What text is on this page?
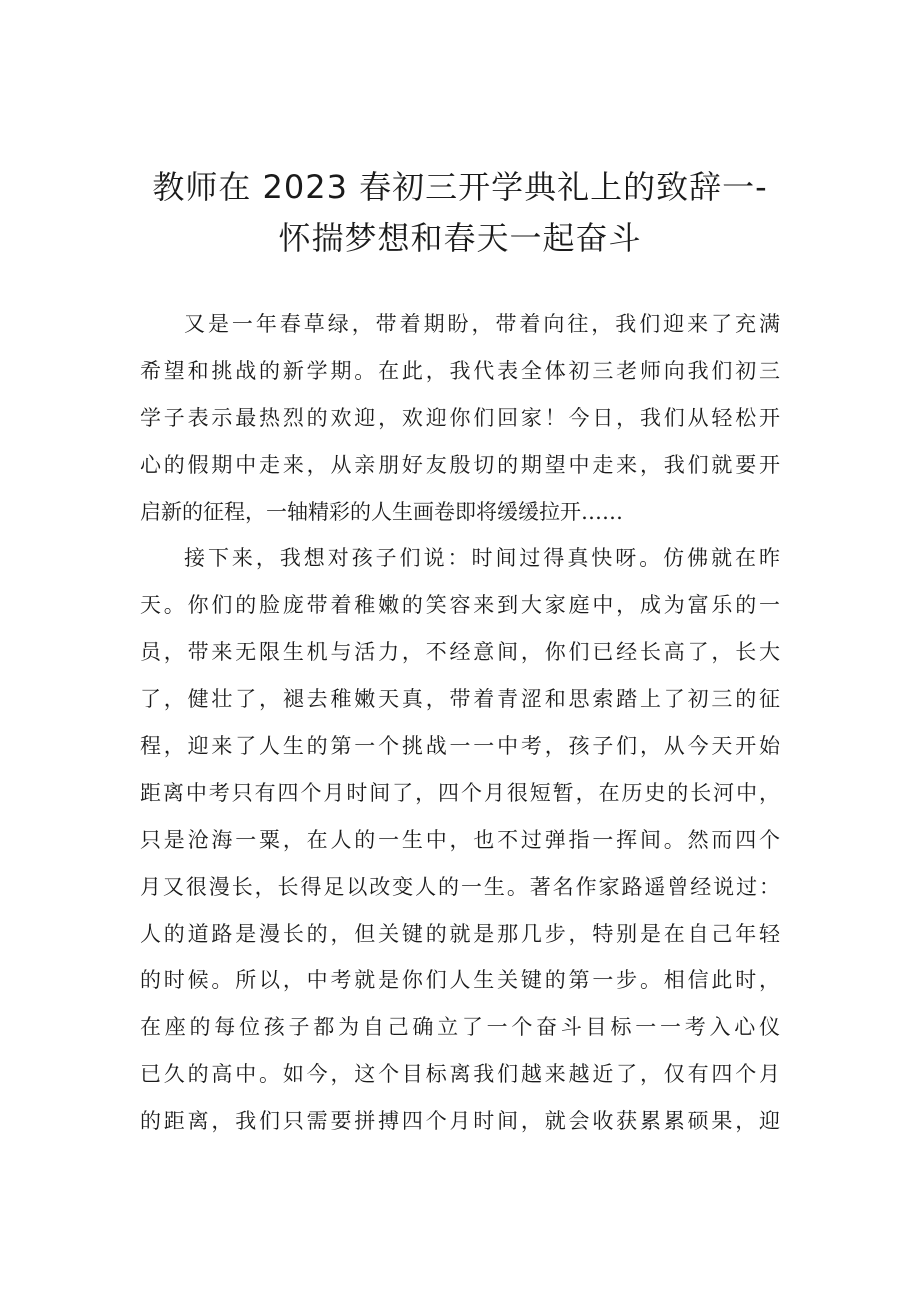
教师在 2023 春初三开学典礼上的致辞一-
怀揣梦想和春天一起奋斗
又是一年春草绿，带着期盼，带着向往，我们迎来了充满
希望和挑战的新学期。在此，我代表全体初三老师向我们初三
学子表示最热烈的欢迎，欢迎你们回家！今日，我们从轻松开
心的假期中走来，从亲朋好友殷切的期望中走来，我们就要开
启新的征程，一轴精彩的人生画卷即将缓缓拉开……
接下来，我想对孩子们说：时间过得真快呀。仿佛就在昨
天。你们的脸庞带着稚嫩的笑容来到大家庭中，成为富乐的一
员，带来无限生机与活力，不经意间，你们已经长高了，长大
了，健壮了，褪去稚嫩天真，带着青涩和思索踏上了初三的征
程，迎来了人生的第一个挑战一一中考，孩子们，从今天开始
距离中考只有四个月时间了，四个月很短暂，在历史的长河中，
只是沧海一粟，在人的一生中，也不过弹指一挥间。然而四个
月又很漫长，长得足以改变人的一生。著名作家路遥曾经说过：
人的道路是漫长的，但关键的就是那几步，特别是在自己年轻
的时候。所以，中考就是你们人生关键的第一步。相信此时，
在座的每位孩子都为自己确立了一个奋斗目标一一考入心仪
已久的高中。如今，这个目标离我们越来越近了，仅有四个月
的距离，我们只需要拼搏四个月时间，就会收获累累硕果，迎
